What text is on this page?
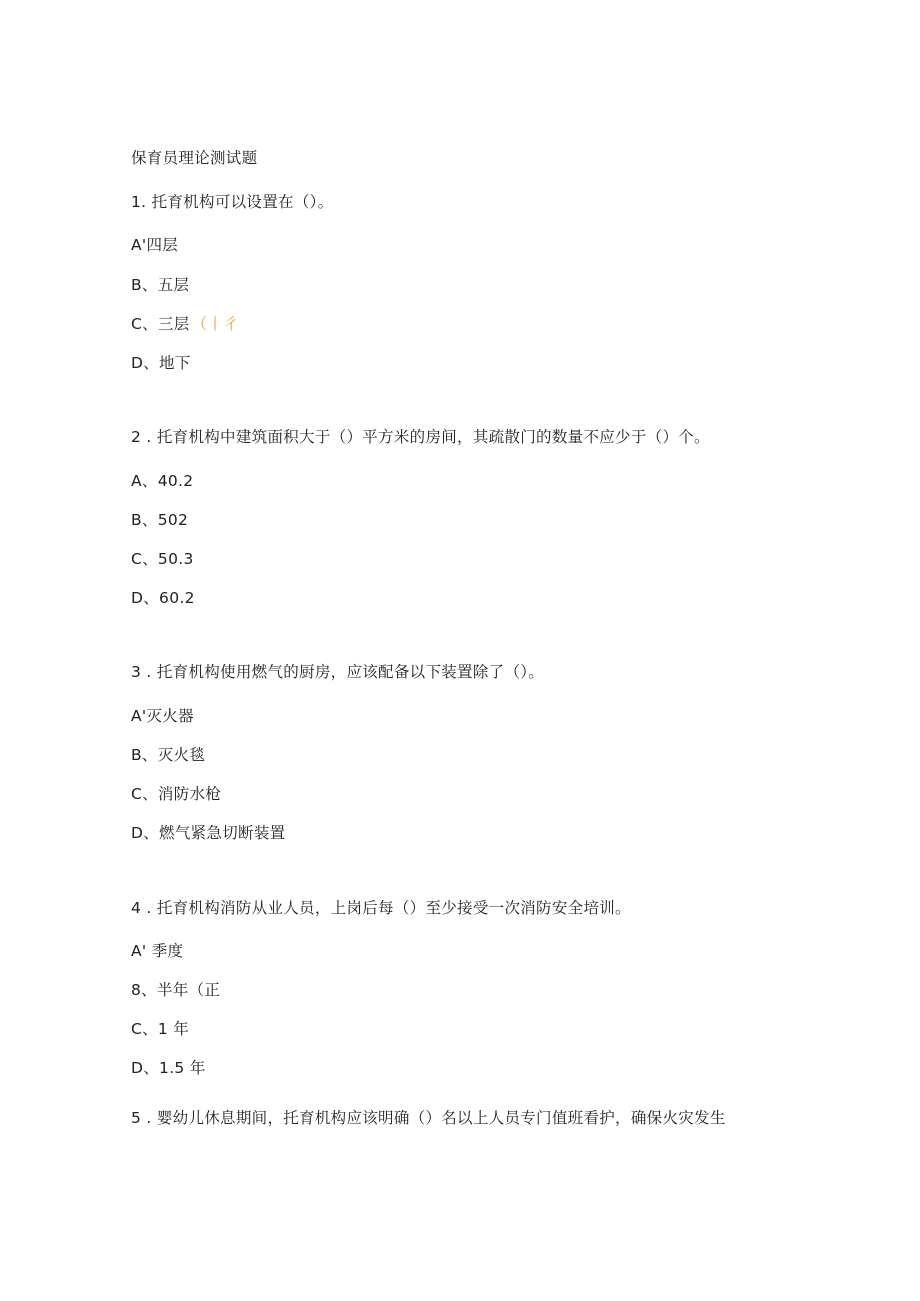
保育员理论测试题
1. 托育机构可以设置在（）。
A'四层
B、五层
C、三层 （丨彳
D、地下
2 . 托育机构中建筑面积大于（）平方米的房间，其疏散门的数量不应少于（）个。
A、40.2
B、502
C、50.3
D、60.2
3 . 托育机构使用燃气的厨房，应该配备以下装置除了（）。
A'灭火器
B、灭火毯
C、消防水枪
D、燃气紧急切断装置
4 . 托育机构消防从业人员，上岗后每（）至少接受一次消防安全培训。
A' 季度
8、半年（正
C、1 年
D、1.5 年
5 . 婴幼儿休息期间，托育机构应该明确（）名以上人员专门值班看护，确保火灾发生
